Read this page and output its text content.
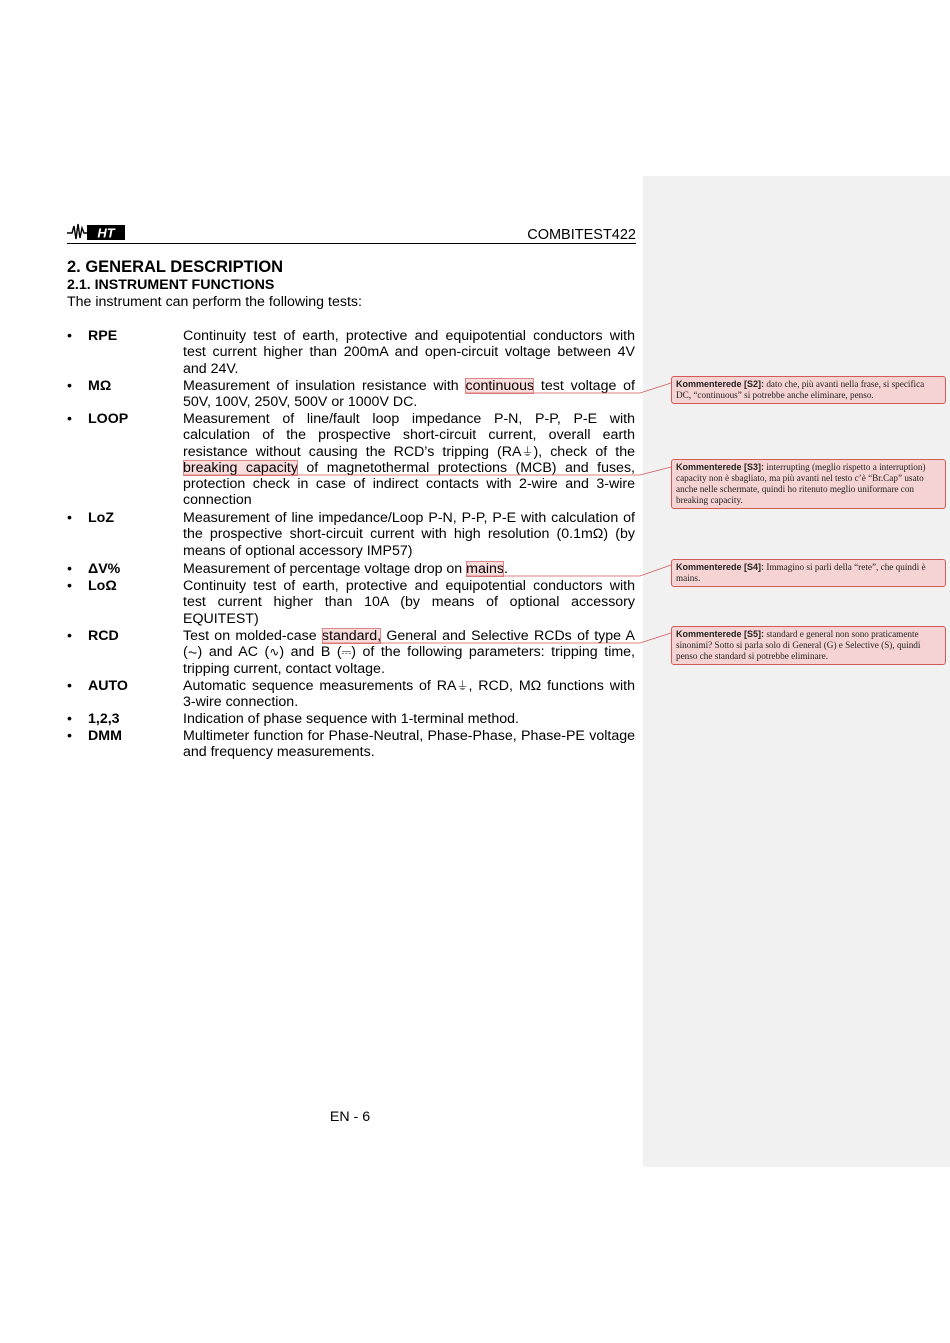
HT	COMBITEST422
2. GENERAL DESCRIPTION
2.1. INSTRUMENT FUNCTIONS
The instrument can perform the following tests:
•	RPE	Continuity test of earth, protective and equipotential conductors with test current higher than 200mA and open-circuit voltage between 4V and 24V.
•	MΩ	Measurement of insulation resistance with continuous test voltage of 50V, 100V, 250V, 500V or 1000V DC.
•	LOOP	Measurement of line/fault loop impedance P-N, P-P, P-E with calculation of the prospective short-circuit current, overall earth resistance without causing the RCD’s tripping (RA⏚), check of the breaking capacity of magnetothermal protections (MCB) and fuses, protection check in case of indirect contacts with 2-wire and 3-wire connection
•	LoZ	Measurement of line impedance/Loop P-N, P-P, P-E with calculation of the prospective short-circuit current with high resolution (0.1mΩ) (by means of optional accessory IMP57)
•	ΔV%	Measurement of percentage voltage drop on mains.
•	LoΩ	Continuity test of earth, protective and equipotential conductors with test current higher than 10A (by means of optional accessory EQUITEST)
•	RCD	Test on molded-case standard, General and Selective RCDs of type A (⏦) and AC (∿) and B (⎓) of the following parameters: tripping time, tripping current, contact voltage.
•	AUTO	Automatic sequence measurements of RA⏚, RCD, MΩ functions with 3-wire connection.
•	1,2,3	Indication of phase sequence with 1-terminal method.
•	DMM	Multimeter function for Phase-Neutral, Phase-Phase, Phase-PE voltage and frequency measurements.
EN - 6
Kommenterede [S2]: dato che, più avanti nella frase, si specifica DC, “continuous” si potrebbe anche eliminare, penso.
Kommenterede [S3]: interrupting (meglio rispetto a interruption) capacity non è sbagliato, ma più avanti nel testo c’è “Br.Cap” usato anche nelle schermate, quindi ho ritenuto meglio uniformare con breaking capacity.
Kommenterede [S4]: Immagino si parli della “rete”, che quindi è mains.
Kommenterede [S5]: standard e general non sono praticamente sinonimi? Sotto si parla solo di General (G) e Selective (S), quindi penso che standard si potrebbe eliminare.
